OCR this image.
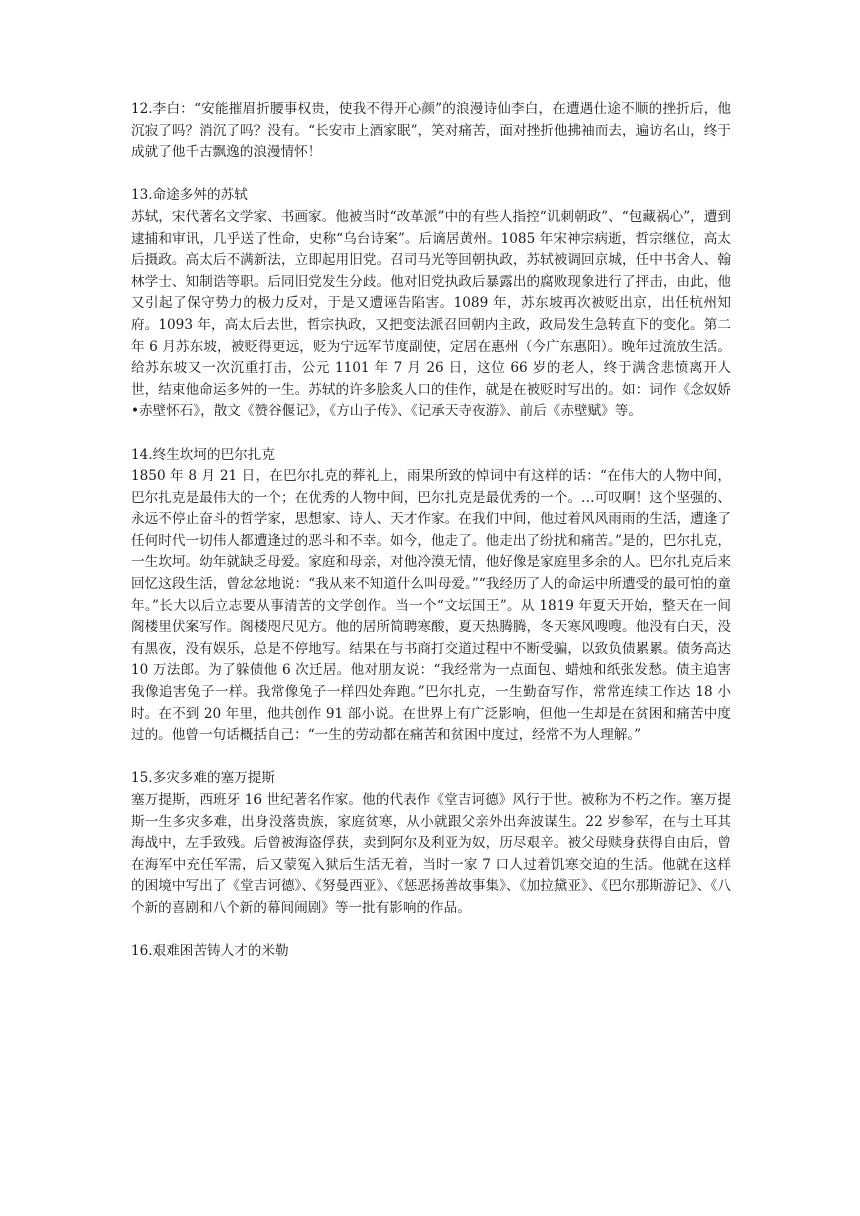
12.李白：“安能摧眉折腰事权贵，使我不得开心颜”的浪漫诗仙李白，在遭遇仕途不顺的挫折后，他沉寂了吗？消沉了吗？没有。“长安市上酒家眠”，笑对痛苦，面对挫折他拂袖而去，遍访名山，终于成就了他千古飘逸的浪漫情怀！

13.命途多舛的苏轼

苏轼，宋代著名文学家、书画家。他被当时“改革派”中的有些人指控“讥刺朝政”、“包藏祸心”，遭到逮捕和审讯，几乎送了性命，史称“乌台诗案”。后谪居黄州。1085 年宋神宗病逝，哲宗继位，高太后摄政。高太后不满新法，立即起用旧党。召司马光等回朝执政，苏轼被调回京城，任中书舍人、翰林学士、知制诰等职。后同旧党发生分歧。他对旧党执政后暴露出的腐败现象进行了抨击，由此，他又引起了保守势力的极力反对，于是又遭诬告陷害。1089 年，苏东坡再次被贬出京，出任杭州知府。1093 年，高太后去世，哲宗执政，又把变法派召回朝内主政，政局发生急转直下的变化。第二年 6 月苏东坡，被贬得更远，贬为宁远军节度副使，定居在惠州（今广东惠阳）。晚年过流放生活。给苏东坡又一次沉重打击，公元 1101 年 7 月 26 日，这位 66 岁的老人，终于满含悲愤离开人世，结束他命运多舛的一生。苏轼的许多脍炙人口的佳作，就是在被贬时写出的。如：词作《念奴娇•赤壁怀石》，散文《赞谷偃记》，《方山子传》、《记承天寺夜游》、前后《赤壁赋》等。

14.终生坎坷的巴尔扎克

1850 年 8 月 21 日，在巴尔扎克的葬礼上，雨果所致的悼词中有这样的话：“在伟大的人物中间，巴尔扎克是最伟大的一个；在优秀的人物中间，巴尔扎克是最优秀的一个。…可叹啊！这个坚强的、永远不停止奋斗的哲学家，思想家、诗人、天才作家。在我们中间，他过着风风雨雨的生活，遭逢了任何时代一切伟人都遭逢过的恶斗和不幸。如今，他走了。他走出了纷扰和痛苦。”是的，巴尔扎克，一生坎坷。幼年就缺乏母爱。家庭和母亲，对他冷漠无情，他好像是家庭里多余的人。巴尔扎克后来回忆这段生活，曾忿忿地说：“我从来不知道什么叫母爱。”“我经历了人的命运中所遭受的最可怕的童年。”长大以后立志要从事清苦的文学创作。当一个“文坛国王”。从 1819 年夏天开始，整天在一间阁楼里伏案写作。阁楼咫尺见方。他的居所简聘寒酸，夏天热腾腾，冬天寒风嗖嗖。他没有白天，没有黑夜，没有娱乐，总是不停地写。结果在与书商打交道过程中不断受骗，以致负债累累。债务高达 10 万法郎。为了躲债他 6 次迁居。他对朋友说：“我经常为一点面包、蜡烛和纸张发愁。债主追害我像追害兔子一样。我常像兔子一样四处奔跑。”巴尔扎克，一生勤奋写作，常常连续工作达 18 小时。在不到 20 年里，他共创作 91 部小说。在世界上有广泛影响，但他一生却是在贫困和痛苦中度过的。他曾一句话概括自己：“一生的劳动都在痛苦和贫困中度过，经常不为人理解。”

15.多灾多难的塞万提斯

塞万提斯，西班牙 16 世纪著名作家。他的代表作《堂吉诃德》风行于世。被称为不朽之作。塞万提斯一生多灾多难，出身没落贵族，家庭贫寒，从小就跟父亲外出奔波谋生。22 岁参军，在与土耳其海战中，左手致残。后曾被海盗俘获，卖到阿尔及利亚为奴，历尽艰辛。被父母赎身获得自由后，曾在海军中充任军需，后又蒙冤入狱后生活无着，当时一家 7 口人过着饥寒交迫的生活。他就在这样的困境中写出了《堂吉诃德》、《努曼西亚》、《惩恶扬善故事集》、《加拉黛亚》、《巴尔那斯游记》、《八个新的喜剧和八个新的幕间闹剧》等一批有影响的作品。

16.艰难困苦铸人才的米勒
